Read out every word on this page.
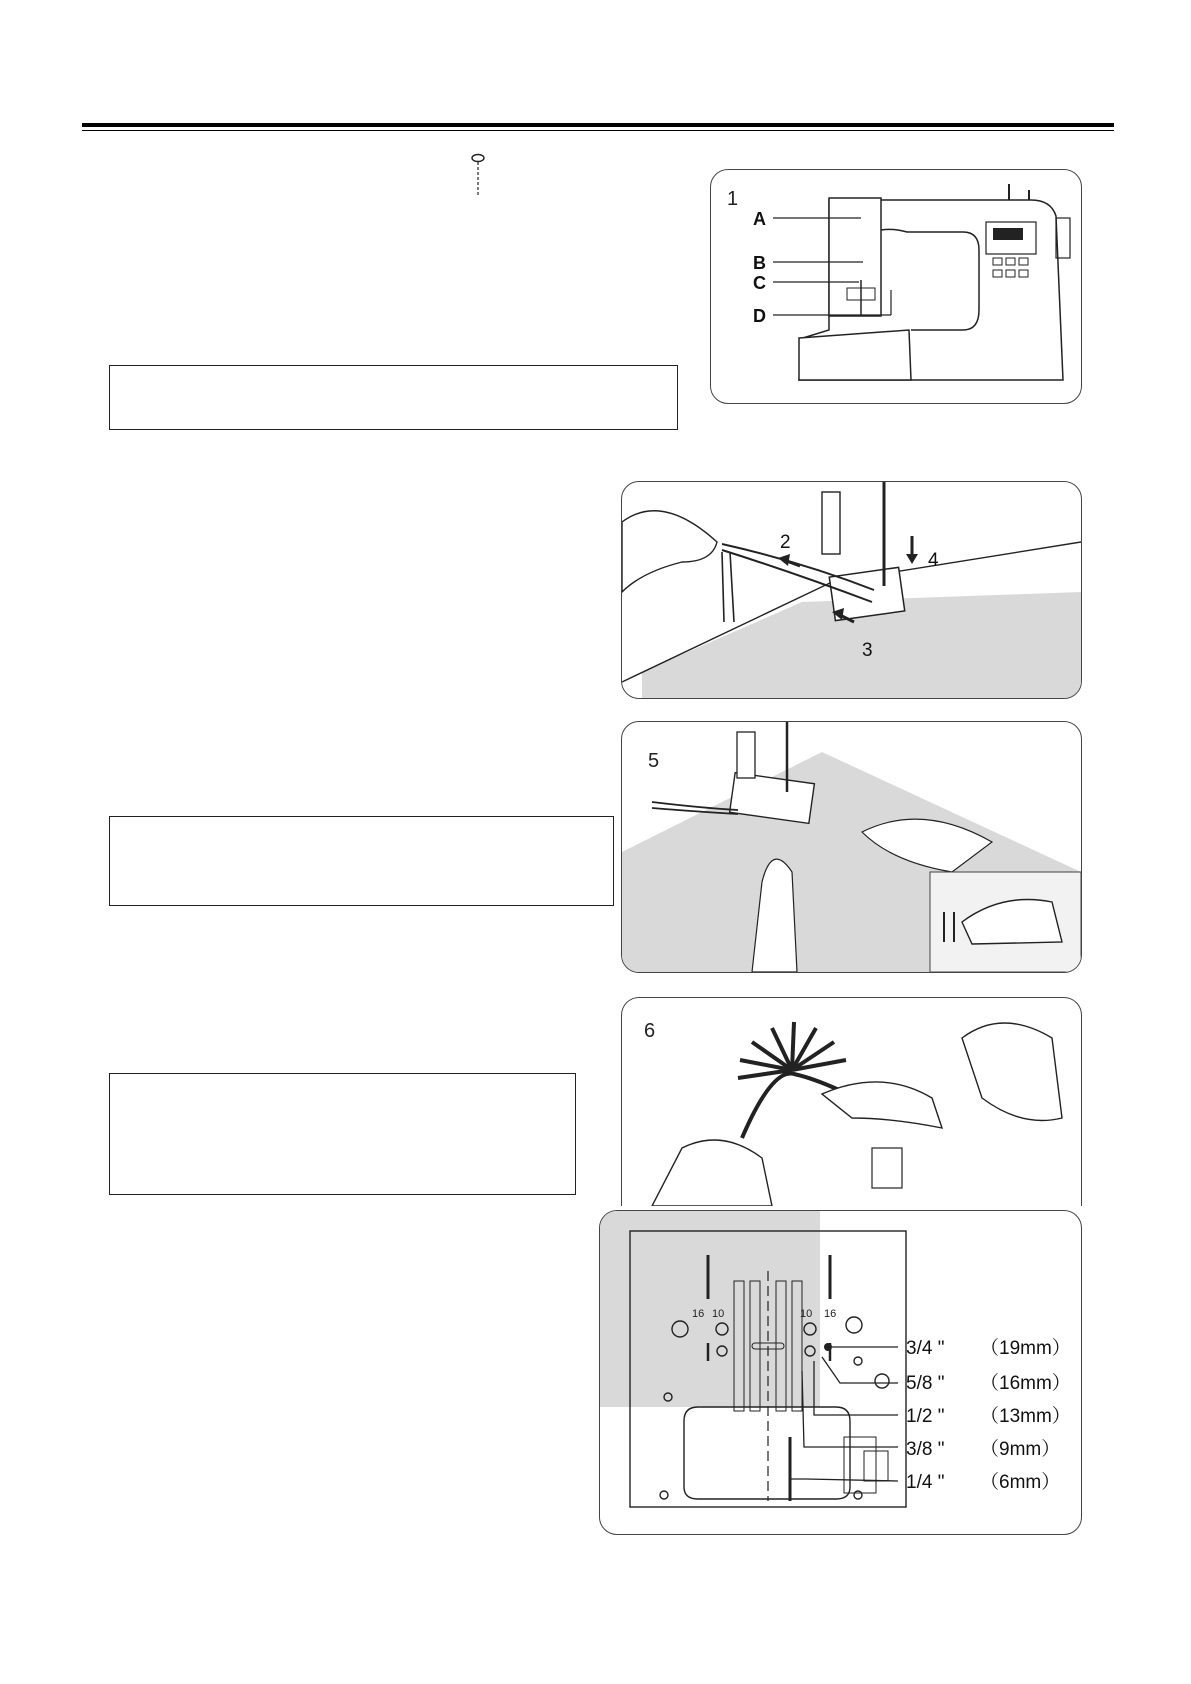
1
A
B
C
D
2
3
4
5
6
16 10	10 16
3/4 " （19mm）
5/8 " （16mm）
1/2 " （13mm）
3/8 " （9mm）
1/4 " （6mm）
